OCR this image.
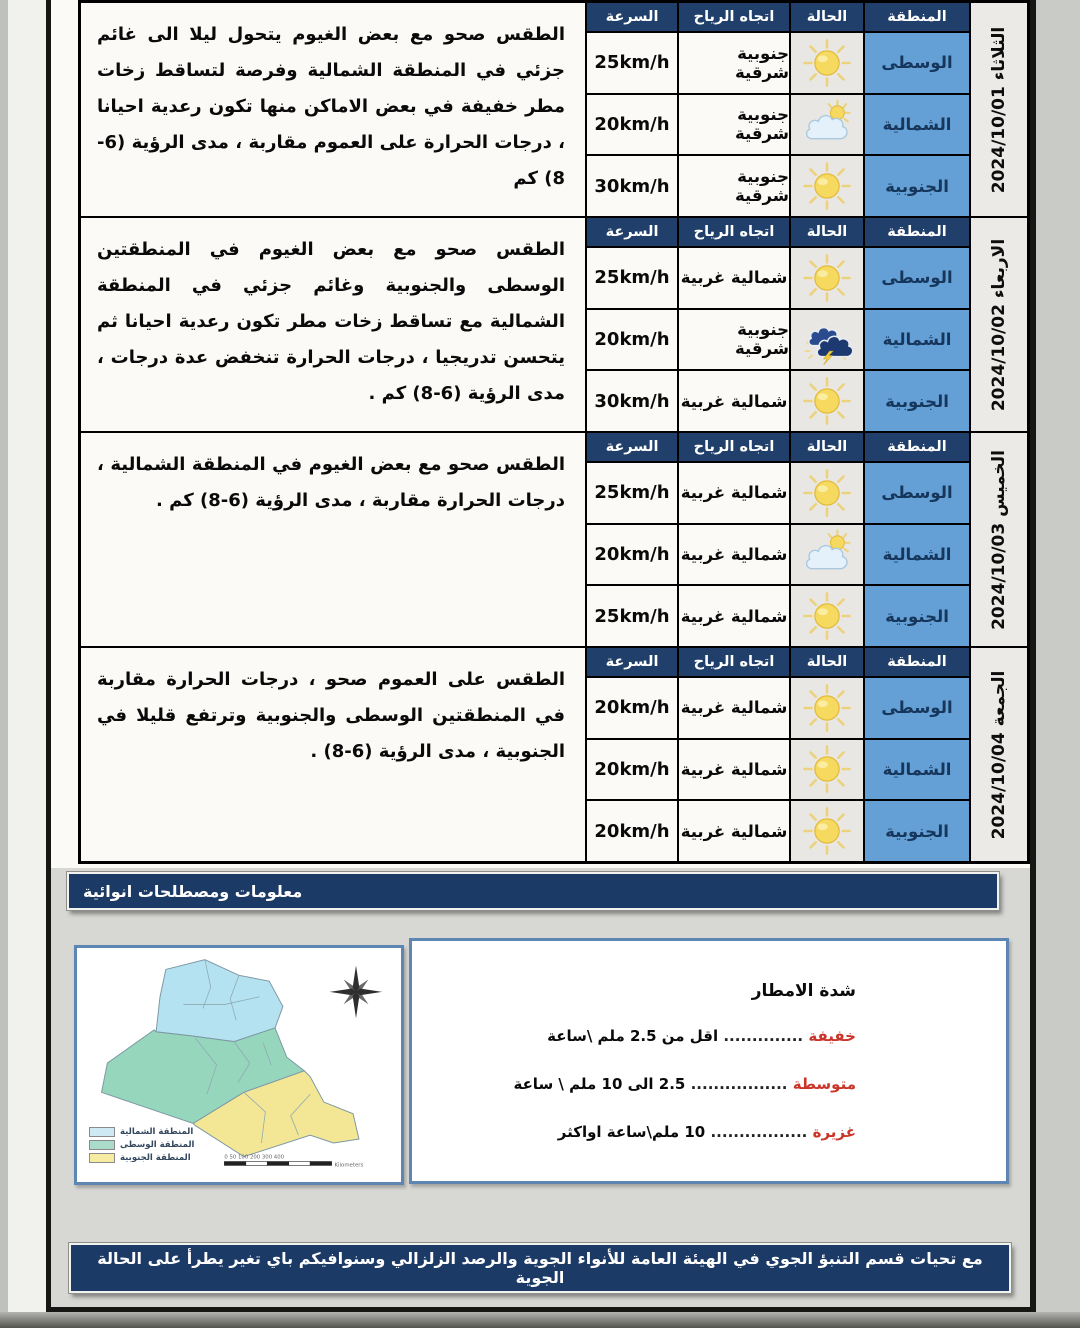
الثلاثاء 2024/10/01
المنطقة
الحالة
اتجاه الرياح
السرعة
الطقس صحو مع بعض الغيوم يتحول ليلا الى غائم جزئي في المنطقة الشمالية وفرصة لتساقط زخات مطر خفيفة في بعض الاماكن منها تكون رعدية احيانا ، درجات الحرارة على العموم مقاربة ، مدى الرؤية (6-8) كم
الوسطى
جنوبية شرقية
25km/h
الشمالية
جنوبية شرقية
20km/h
الجنوبية
جنوبية شرقية
30km/h
الاربعاء 2024/10/02
المنطقة
الحالة
اتجاه الرياح
السرعة
الطقس صحو مع بعض الغيوم في المنطقتين الوسطى والجنوبية وغائم جزئي في المنطقة الشمالية مع تساقط زخات مطر تكون رعدية احيانا ثم يتحسن تدريجيا ، درجات الحرارة تنخفض عدة درجات ، مدى الرؤية (6-8) كم .
الوسطى
شمالية غربية
25km/h
الشمالية
جنوبية شرقية
20km/h
الجنوبية
شمالية غربية
30km/h
الخميس 2024/10/03
المنطقة
الحالة
اتجاه الرياح
السرعة
الطقس صحو مع بعض الغيوم في المنطقة الشمالية ، درجات الحرارة مقاربة ، مدى الرؤية (6-8) كم .	الوسطى
شمالية غربية
25km/h
الشمالية
شمالية غربية
20km/h
الجنوبية
شمالية غربية
25km/h
الجمعة 2024/10/04
المنطقة
الحالة
اتجاه الرياح
السرعة
الطقس على العموم صحو ، درجات الحرارة مقاربة في المنطقتين الوسطى والجنوبية وترتفع قليلا في الجنوبية ، مدى الرؤية (6-8) .
الوسطى
شمالية غربية
20km/h
الشمالية
شمالية غربية
20km/h
الجنوبية
شمالية غربية
20km/h
معلومات ومصطلحات انوائية
0 50 100 200 300 400
Kilometers
المنطقة الشمالية
المنطقة الوسطى
المنطقة الجنوبية
شدة الامطار
خفيفة .............. اقل من 2.5 ملم \ساعة
متوسطة ................. 2.5 الى 10 ملم \ ساعة
غزيرة ................. 10 ملم\ساعة اواكثر
مع تحيات قسم التنبؤ الجوي في الهيئة العامة للأنواء الجوية والرصد الزلزالي وسنوافيكم باي تغير يطرأ على الحالة الجوية
